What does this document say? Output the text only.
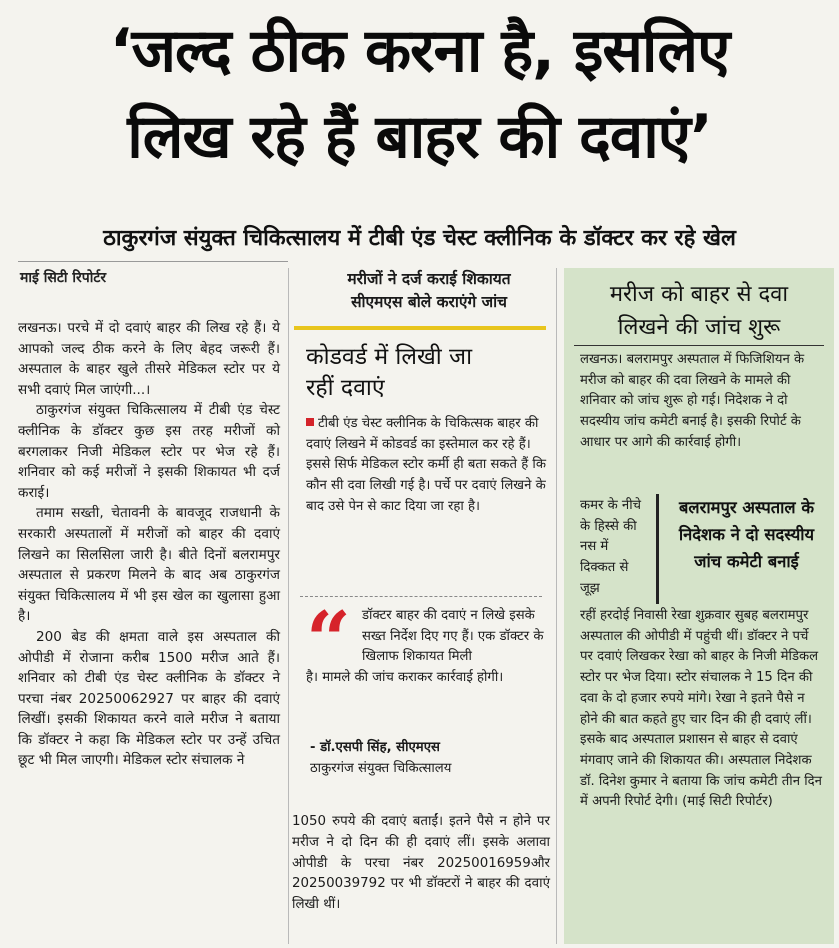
‘जल्द ठीक करना है, इसलिए
लिख रहे हैं बाहर की दवाएं’
ठाकुरगंज संयुक्त चिकित्सालय में टीबी एंड चेस्ट क्लीनिक के डॉक्टर कर रहे खेल
माई सिटी रिपोर्टर

लखनऊ। परचे में दो दवाएं बाहर की लिख रहे हैं। ये आपको जल्द ठीक करने के लिए बेहद जरूरी हैं। अस्पताल के बाहर खुले तीसरे मेडिकल स्टोर पर ये सभी दवाएं मिल जाएंगी...।

ठाकुरगंज संयुक्त चिकित्सालय में टीबी एंड चेस्ट क्लीनिक के डॉक्टर कुछ इस तरह मरीजों को बरगलाकर निजी मेडिकल स्टोर पर भेज रहे हैं। शनिवार को कई मरीजों ने इसकी शिकायत भी दर्ज कराई।

तमाम सख्ती, चेतावनी के बावजूद राजधानी के सरकारी अस्पतालों में मरीजों को बाहर की दवाएं लिखने का सिलसिला जारी है। बीते दिनों बलरामपुर अस्पताल से प्रकरण मिलने के बाद अब ठाकुरगंज संयुक्त चिकित्सालय में भी इस खेल का खुलासा हुआ है।

200 बेड की क्षमता वाले इस अस्पताल की ओपीडी में रोजाना करीब 1500 मरीज आते हैं। शनिवार को टीबी एंड चेस्ट क्लीनिक के डॉक्टर ने परचा नंबर 20250062927 पर बाहर की दवाएं लिखीं। इसकी शिकायत करने वाले मरीज ने बताया कि डॉक्टर ने कहा कि मेडिकल स्टोर पर उन्हें उचित छूट भी मिल जाएगी। मेडिकल स्टोर संचालक ने

मरीजों ने दर्ज कराई शिकायत
सीएमएस बोले कराएंगे जांच
कोडवर्ड में लिखी जा
रहीं दवाएं
टीबी एंड चेस्ट क्लीनिक के चिकित्सक बाहर की दवाएं लिखने में कोडवर्ड का इस्तेमाल कर रहे हैं। इससे सिर्फ मेडिकल स्टोर कर्मी ही बता सकते हैं कि कौन सी दवा लिखी गई है। पर्चे पर दवाएं लिखने के बाद उसे पेन से काट दिया जा रहा है।
“ डॉक्टर बाहर की दवाएं न लिखे इसके सख्त निर्देश दिए गए हैं। एक डॉक्टर के खिलाफ शिकायत मिली
है। मामले की जांच कराकर कार्रवाई होगी।
- डॉ.एसपी सिंह, सीएमएस
ठाकुरगंज संयुक्त चिकित्सालय
1050 रुपये की दवाएं बताईं। इतने पैसे न होने पर मरीज ने दो दिन की ही दवाएं लीं। इसके अलावा ओपीडी के परचा नंबर 20250016959और 20250039792 पर भी डॉक्टरों ने बाहर की दवाएं लिखी थीं।
मरीज को बाहर से दवा
लिखने की जांच शुरू
लखनऊ। बलरामपुर अस्पताल में फिजिशियन के मरीज को बाहर की दवा लिखने के मामले की शनिवार को जांच शुरू हो गई। निदेशक ने दो सदस्यीय जांच कमेटी बनाई है। इसकी रिपोर्ट के आधार पर आगे की कार्रवाई होगी।
कमर के नीचे के हिस्से की नस में दिक्कत से जूझ
बलरामपुर अस्पताल के निदेशक ने दो सदस्यीय जांच कमेटी बनाई
रहीं हरदोई निवासी रेखा शुक्रवार सुबह बलरामपुर अस्पताल की ओपीडी में पहुंची थीं। डॉक्टर ने पर्चे पर दवाएं लिखकर रेखा को बाहर के निजी मेडिकल स्टोर पर भेज दिया। स्टोर संचालक ने 15 दिन की दवा के दो हजार रुपये मांगे। रेखा ने इतने पैसे न होने की बात कहते हुए चार दिन की ही दवाएं लीं। इसके बाद अस्पताल प्रशासन से बाहर से दवाएं मंगवाए जाने की शिकायत की। अस्पताल निदेशक डॉ. दिनेश कुमार ने बताया कि जांच कमेटी तीन दिन में अपनी रिपोर्ट देगी। (माई सिटी रिपोर्टर)
